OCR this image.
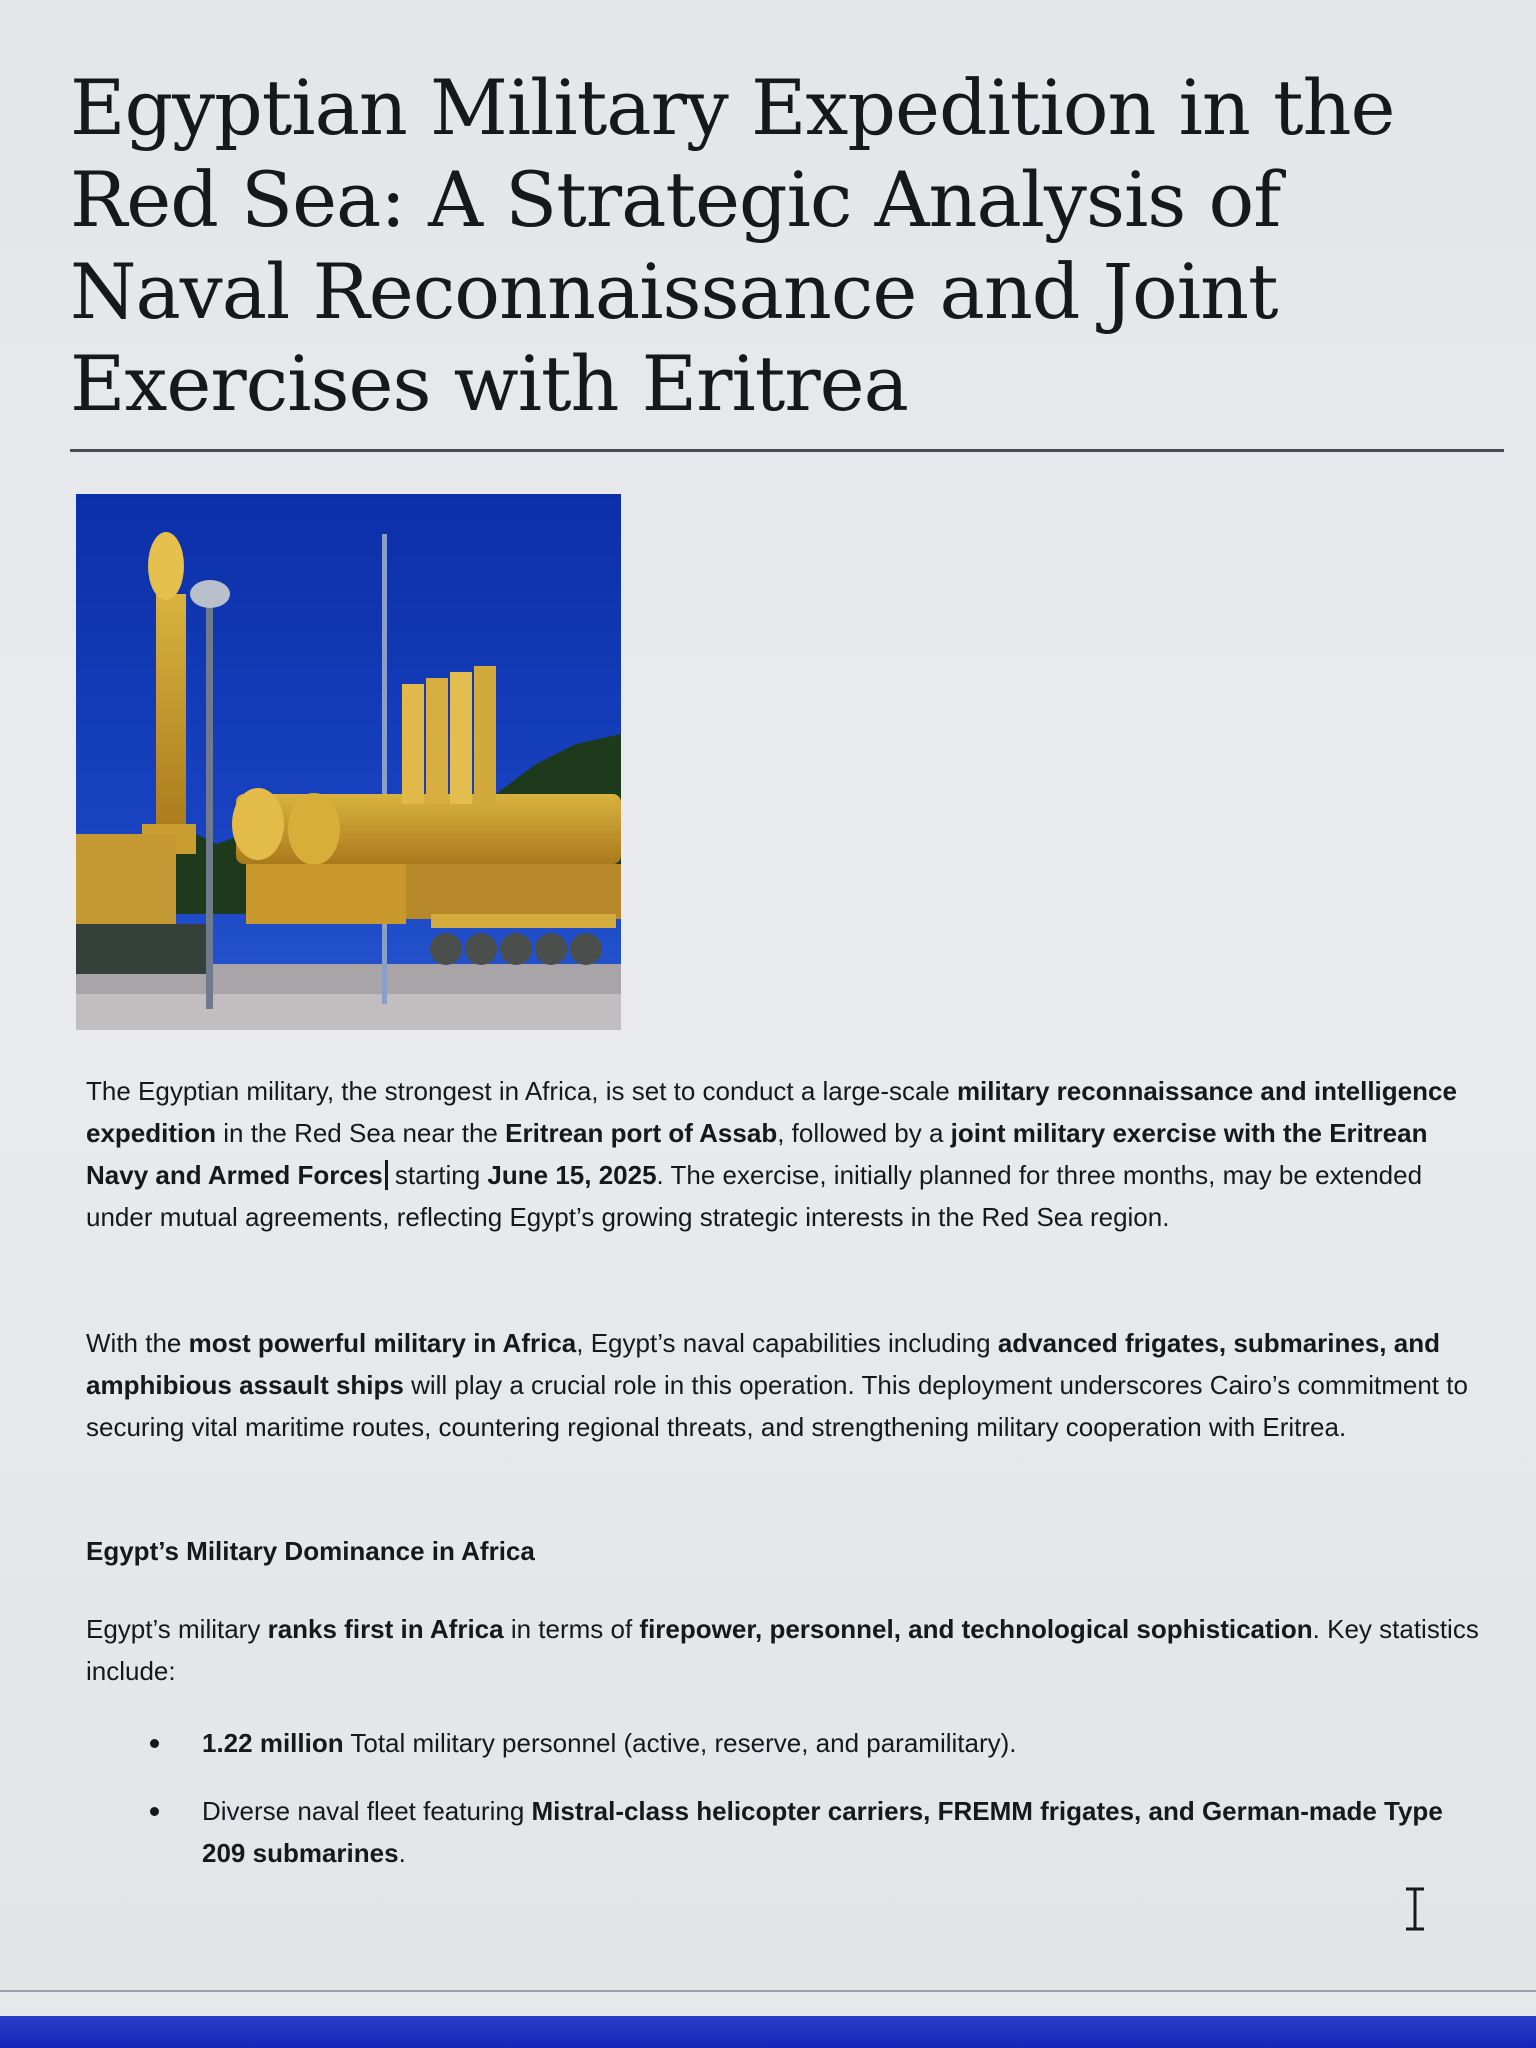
Egyptian Military Expedition in the Red Sea: A Strategic Analysis of Naval Reconnaissance and Joint Exercises with Eritrea

The Egyptian military, the strongest in Africa, is set to conduct a large-scale military reconnaissance and intelligence expedition in the Red Sea near the Eritrean port of Assab, followed by a joint military exercise with the Eritrean Navy and Armed Forces starting June 15, 2025. The exercise, initially planned for three months, may be extended under mutual agreements, reflecting Egypt’s growing strategic interests in the Red Sea region.

With the most powerful military in Africa, Egypt’s naval capabilities including advanced frigates, submarines, and amphibious assault ships will play a crucial role in this operation. This deployment underscores Cairo’s commitment to securing vital maritime routes, countering regional threats, and strengthening military cooperation with Eritrea.

Egypt’s Military Dominance in Africa

Egypt’s military ranks first in Africa in terms of firepower, personnel, and technological sophistication. Key statistics include:

1.22 million Total military personnel (active, reserve, and paramilitary).
Diverse naval fleet featuring Mistral-class helicopter carriers, FREMM frigates, and German-made Type 209 submarines.
